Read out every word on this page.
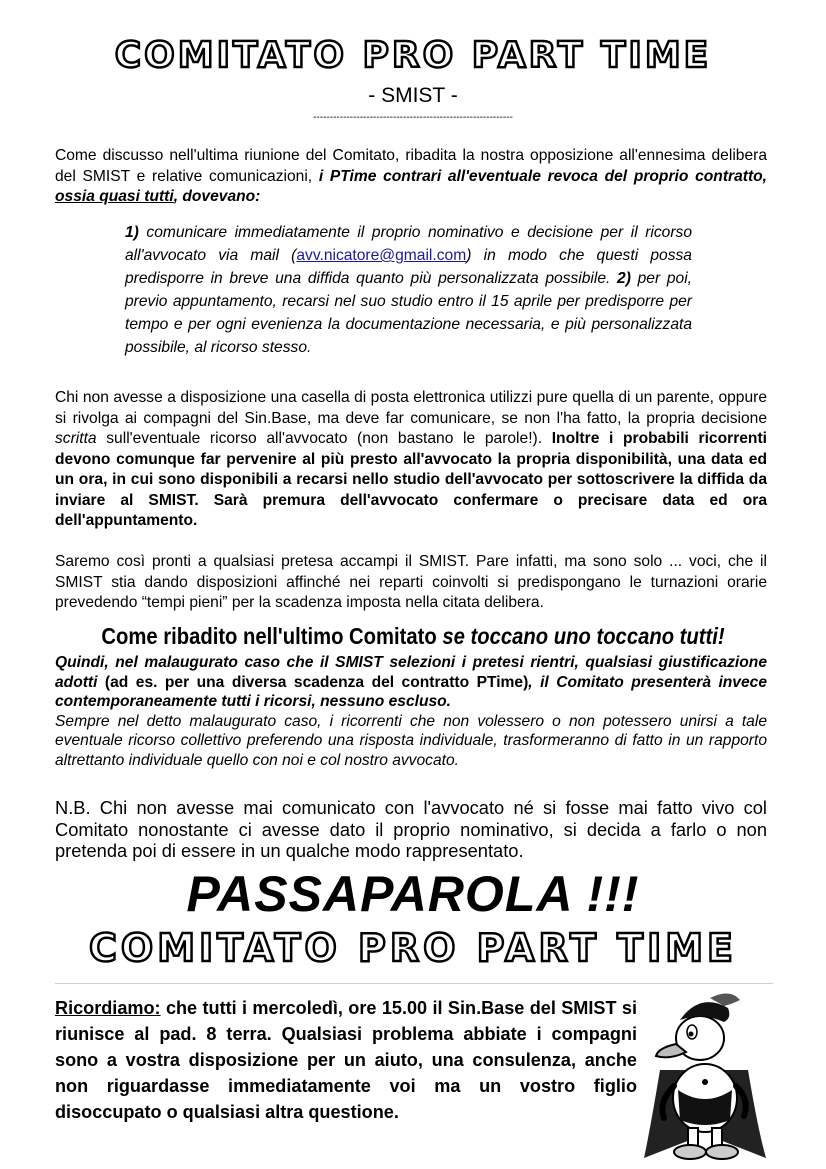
COMITATO PRO PART TIME
- SMIST -
------------------------------------------------------------
Come discusso nell'ultima riunione del Comitato, ribadita la nostra opposizione all'ennesima delibera del SMIST e relative comunicazioni, i PTime contrari all'eventuale revoca del proprio contratto, ossia quasi tutti, dovevano:
1) comunicare immediatamente il proprio nominativo e decisione per il ricorso all'avvocato via mail (avv.nicatore@gmail.com) in modo che questi possa predisporre in breve una diffida quanto più personalizzata possibile. 2) per poi, previo appuntamento, recarsi nel suo studio entro il 15 aprile per predisporre per tempo e per ogni evenienza la documentazione necessaria, e più personalizzata possibile, al ricorso stesso.
Chi non avesse a disposizione una casella di posta elettronica utilizzi pure quella di un parente, oppure si rivolga ai compagni del Sin.Base, ma deve far comunicare, se non l'ha fatto, la propria decisione scritta sull'eventuale ricorso all'avvocato (non bastano le parole!). Inoltre i probabili ricorrenti devono comunque far pervenire al più presto all'avvocato la propria disponibilità, una data ed un ora, in cui sono disponibili a recarsi nello studio dell'avvocato per sottoscrivere la diffida da inviare al SMIST. Sarà premura dell'avvocato confermare o precisare data ed ora dell'appuntamento.
Saremo così pronti a qualsiasi pretesa accampi il SMIST. Pare infatti, ma sono solo ... voci, che il SMIST stia dando disposizioni affinché nei reparti coinvolti si predispongano le turnazioni orarie prevedendo “tempi pieni” per la scadenza imposta nella citata delibera.
Come ribadito nell'ultimo Comitato se toccano uno toccano tutti!
Quindi, nel malaugurato caso che il SMIST selezioni i pretesi rientri, qualsiasi giustificazione adotti (ad es. per una diversa scadenza del contratto PTime), il Comitato presenterà invece contemporaneamente tutti i ricorsi, nessuno escluso.
Sempre nel detto malaugurato caso, i ricorrenti che non volessero o non potessero unirsi a tale eventuale ricorso collettivo preferendo una risposta individuale, trasformeranno di fatto in un rapporto altrettanto individuale quello con noi e col nostro avvocato.
N.B. Chi non avesse mai comunicato con l'avvocato né si fosse mai fatto vivo col Comitato nonostante ci avesse dato il proprio nominativo, si decida a farlo o non pretenda poi di essere in un qualche modo rappresentato.
PASSAPAROLA !!!
COMITATO PRO PART TIME
Ricordiamo: che tutti i mercoledì, ore 15.00 il Sin.Base del SMIST si riunisce al pad. 8 terra. Qualsiasi problema abbiate i compagni sono a vostra disposizione per un aiuto, una consulenza, anche non riguardasse immediatamente voi ma un vostro figlio disoccupato o qualsiasi altra questione.
